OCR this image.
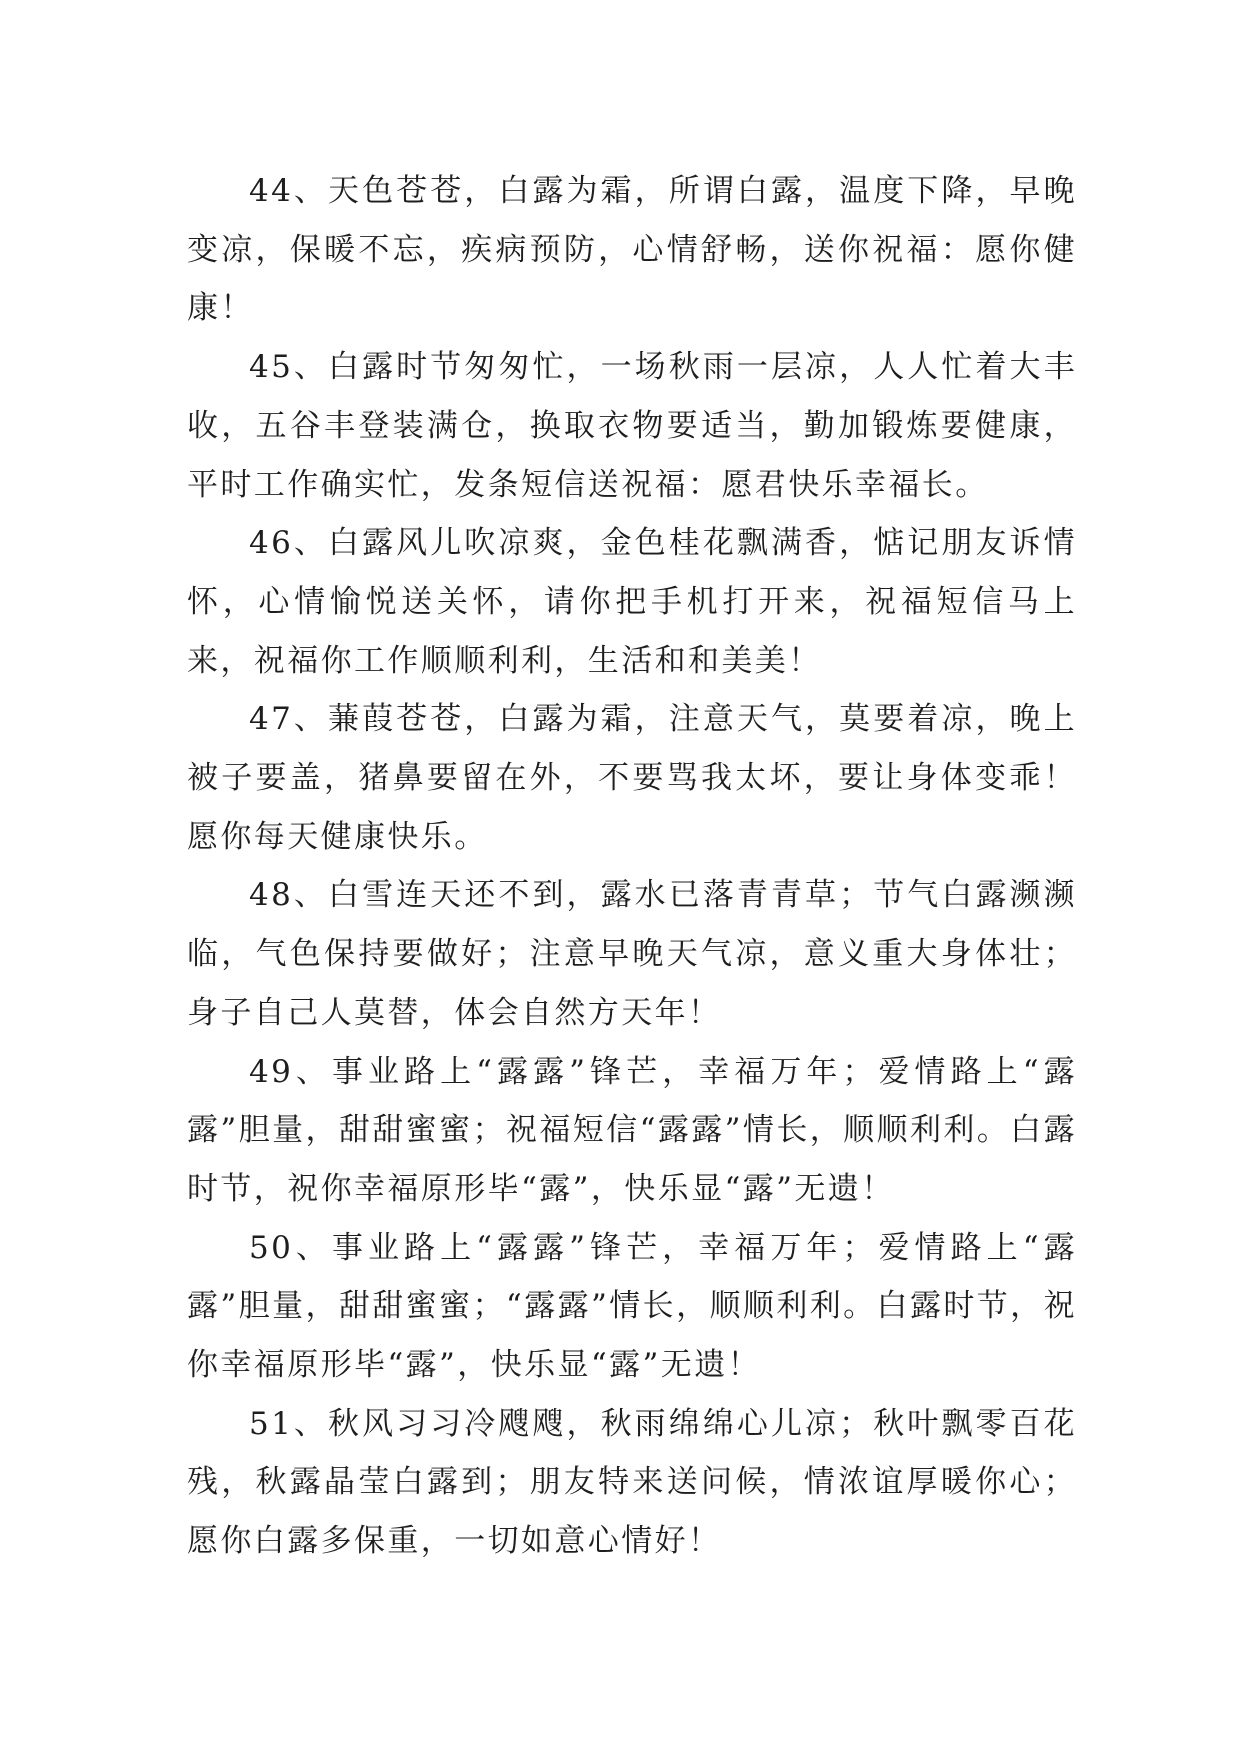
44、天色苍苍，白露为霜，所谓白露，温度下降，早晚变凉，保暖不忘，疾病预防，心情舒畅，送你祝福：愿你健康！

45、白露时节匆匆忙，一场秋雨一层凉，人人忙着大丰收，五谷丰登装满仓，换取衣物要适当，勤加锻炼要健康，平时工作确实忙，发条短信送祝福：愿君快乐幸福长。

46、白露风儿吹凉爽，金色桂花飘满香，惦记朋友诉情怀，心情愉悦送关怀，请你把手机打开来，祝福短信马上来，祝福你工作顺顺利利，生活和和美美！

47、蒹葭苍苍，白露为霜，注意天气，莫要着凉，晚上被子要盖，猪鼻要留在外，不要骂我太坏，要让身体变乖！愿你每天健康快乐。

48、白雪连天还不到，露水已落青青草；节气白露濒濒临，气色保持要做好；注意早晚天气凉，意义重大身体壮；身子自己人莫替，体会自然方天年！

49、事业路上“露露”锋芒，幸福万年；爱情路上“露露”胆量，甜甜蜜蜜；祝福短信“露露”情长，顺顺利利。白露时节，祝你幸福原形毕“露”，快乐显“露”无遗！

50、事业路上“露露”锋芒，幸福万年；爱情路上“露露”胆量，甜甜蜜蜜；“露露”情长，顺顺利利。白露时节，祝你幸福原形毕“露”，快乐显“露”无遗！

51、秋风习习冷飕飕，秋雨绵绵心儿凉；秋叶飘零百花残，秋露晶莹白露到；朋友特来送问候，情浓谊厚暖你心；愿你白露多保重，一切如意心情好！
